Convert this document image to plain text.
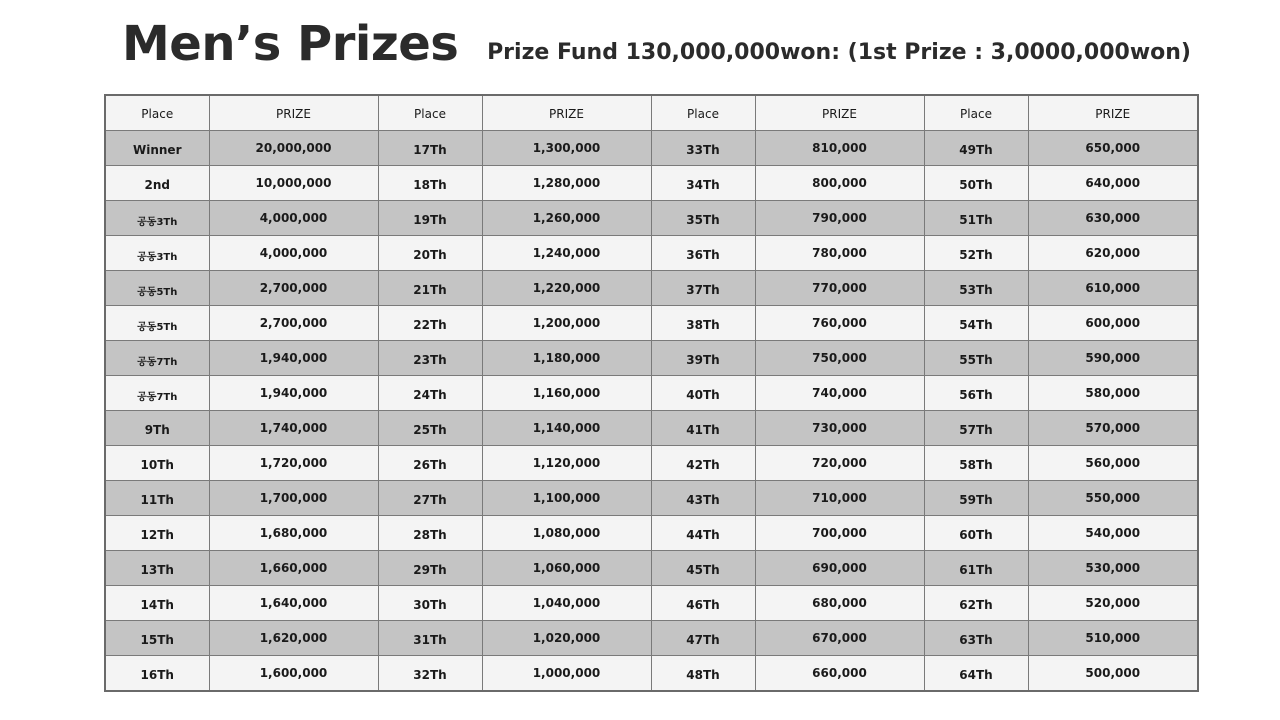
Men’s Prizes Prize Fund 130,000,000won: (1st Prize : 3,0000,000won)
Place	PRIZE	Place	PRIZE	Place	PRIZE	Place	PRIZE
Winner	20,000,000	17Th	1,300,000	33Th	810,000	49Th	650,000
2nd	10,000,000	18Th	1,280,000	34Th	800,000	50Th	640,000
공동3Th	4,000,000	19Th	1,260,000	35Th	790,000	51Th	630,000
공동3Th	4,000,000	20Th	1,240,000	36Th	780,000	52Th	620,000
공동5Th	2,700,000	21Th	1,220,000	37Th	770,000	53Th	610,000
공동5Th	2,700,000	22Th	1,200,000	38Th	760,000	54Th	600,000
공동7Th	1,940,000	23Th	1,180,000	39Th	750,000	55Th	590,000
공동7Th	1,940,000	24Th	1,160,000	40Th	740,000	56Th	580,000
9Th	1,740,000	25Th	1,140,000	41Th	730,000	57Th	570,000
10Th	1,720,000	26Th	1,120,000	42Th	720,000	58Th	560,000
11Th	1,700,000	27Th	1,100,000	43Th	710,000	59Th	550,000
12Th	1,680,000	28Th	1,080,000	44Th	700,000	60Th	540,000
13Th	1,660,000	29Th	1,060,000	45Th	690,000	61Th	530,000
14Th	1,640,000	30Th	1,040,000	46Th	680,000	62Th	520,000
15Th	1,620,000	31Th	1,020,000	47Th	670,000	63Th	510,000
16Th	1,600,000	32Th	1,000,000	48Th	660,000	64Th	500,000
